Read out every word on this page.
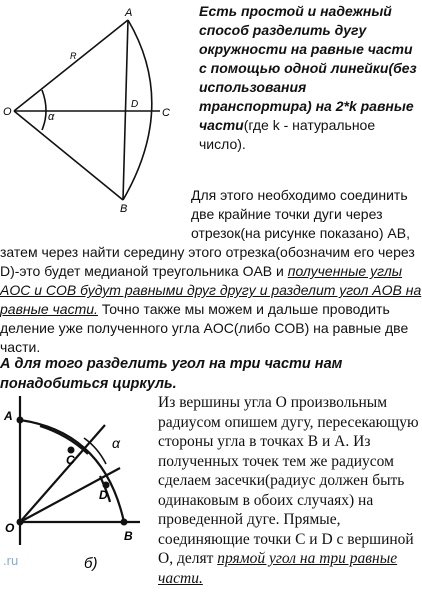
A
O	C
D
B
R
α
Есть простой и надежный способ разделить дугу окружности на равные части с помощью одной линейки(без использования транспортира) на 2*k равные части(где k - натуральное число).
Для этого необходимо соединить две крайние точки дуги через отрезок(на рисунке показано) AB, затем через найти середину этого отрезка(обозначим его через D)-это будет медианой треугольника OAB и полученные углы AOC и COB будут равными друг другу и разделит угол AOB на равные части. Точно также мы можем и дальше проводить деление уже полученного угла AOC(либо COB) на равные две части.
А для того разделить угол на три части нам понадобиться циркуль.
A
C
D
O
B
α
б)
.ru
Из вершины угла O произвольным радиусом опишем дугу, пересекающую стороны угла в точках B и A. Из полученных точек тем же радиусом сделаем засечки(радиус должен быть одинаковым в обоих случаях) на проведенной дуге. Прямые, соединяющие точки C и D с вершиной O, делят прямой угол на три равные части.
